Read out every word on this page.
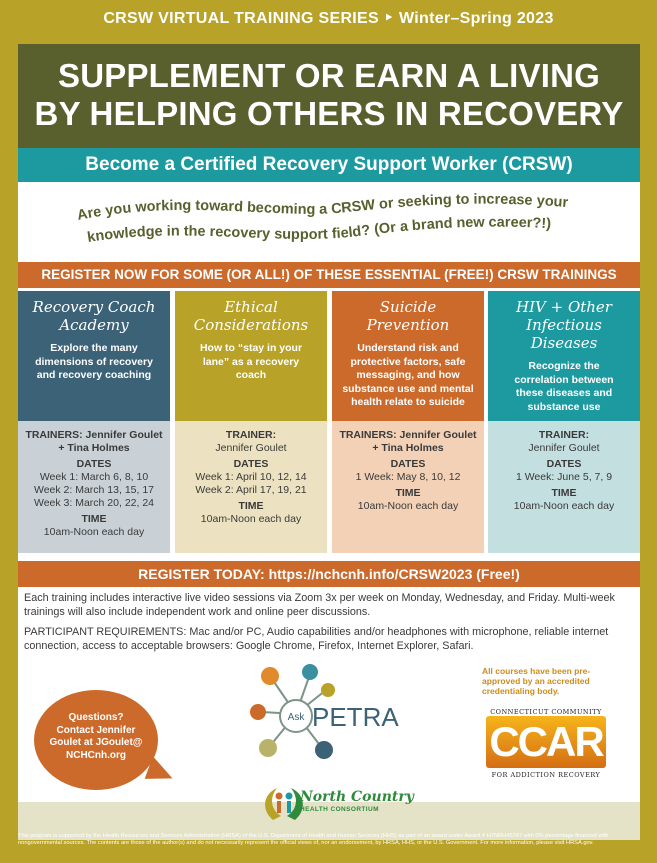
CRSW VIRTUAL TRAINING SERIES ‣ Winter–Spring 2023
SUPPLEMENT OR EARN A LIVING
BY HELPING OTHERS IN RECOVERY
Become a Certified Recovery Support Worker (CRSW)
Are you working toward becoming a CRSW or seeking to increase your
knowledge in the recovery support field? (Or a brand new career?!)
REGISTER NOW FOR SOME (OR ALL!) OF THESE ESSENTIAL (FREE!) CRSW TRAININGS
Recovery Coach Academy
Explore the many dimensions of recovery and recovery coaching
TRAINERS: Jennifer Goulet + Tina Holmes
DATES
Week 1: March 6, 8, 10
Week 2: March 13, 15, 17
Week 3: March 20, 22, 24
TIME
10am-Noon each day
Ethical Considerations
How to “stay in your lane” as a recovery coach
TRAINER:
Jennifer Goulet
DATES
Week 1: April 10, 12, 14
Week 2: April 17, 19, 21
TIME
10am-Noon each day
Suicide Prevention
Understand risk and protective factors, safe messaging, and how substance use and mental health relate to suicide
TRAINERS: Jennifer Goulet + Tina Holmes
DATES
1 Week: May 8, 10, 12
TIME
10am-Noon each day
HIV + Other Infectious Diseases
Recognize the correlation between these diseases and substance use
TRAINER:
Jennifer Goulet
DATES
1 Week: June 5, 7, 9
TIME
10am-Noon each day
REGISTER TODAY: https://nchcnh.info/CRSW2023 (Free!)

Each training includes interactive live video sessions via Zoom 3x per week on Monday, Wednesday, and Friday. Multi-week trainings will also include independent work and online peer discussions.

PARTICIPANT REQUIREMENTS: Mac and/or PC, Audio capabilities and/or headphones with microphone, reliable internet connection, access to acceptable browsers: Google Chrome, Firefox, Internet Explorer, Safari.

Questions?
Contact Jennifer
Goulet at JGoulet@
NCHCnh.org
Ask PETRA
All courses have been pre-approved by an accredited credentialing body.
CONNECTICUT COMMUNITY
CCAR
FOR ADDICTION RECOVERY
North Country
HEALTH CONSORTIUM
This program is supported by the Health Resources and Services Administration (HRSA) of the U.S. Department of Health and Human Services (HHS) as part of an award under Award # H7NRH45747 with 0% percentage financed with nongovernmental sources. The contents are those of the author(s) and do not necessarily represent the official views of, nor an endorsement, by HRSA, HHS, or the U.S. Government. For more information, please visit HRSA.gov.
